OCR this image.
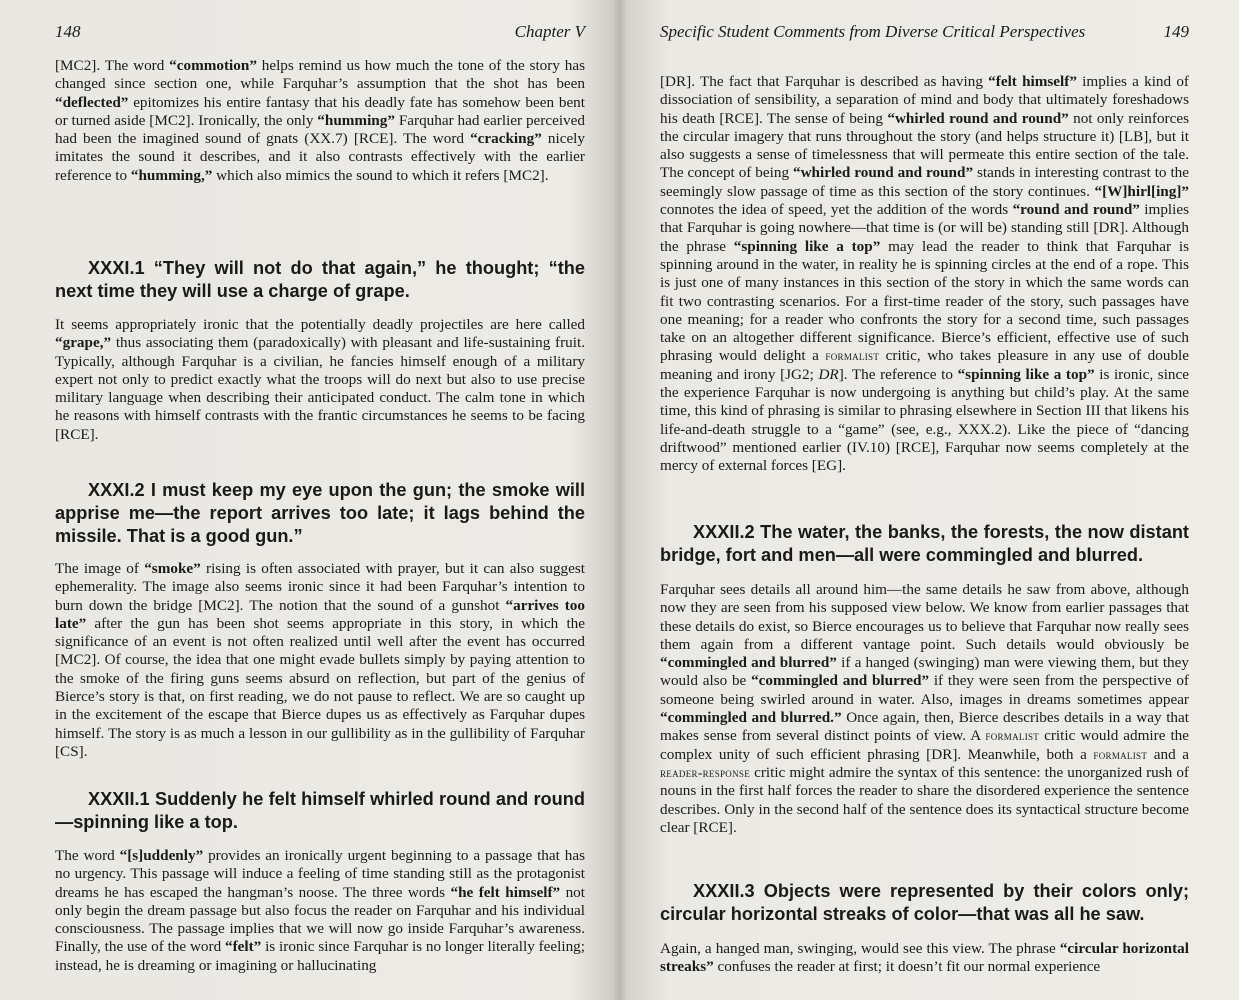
148	Chapter V

[MC2]. The word “commotion” helps remind us how much the tone of the story has changed since section one, while Farquhar’s assumption that the shot has been “deflected” epitomizes his entire fantasy that his deadly fate has somehow been bent or turned aside [MC2]. Ironically, the only “humming” Farquhar had earlier perceived had been the imagined sound of gnats (XX.7) [RCE]. The word “cracking” nicely imitates the sound it describes, and it also contrasts effectively with the earlier reference to “humming,” which also mimics the sound to which it refers [MC2].

XXXI.1 “They will not do that again,” he thought; “the next time they will use a charge of grape.

It seems appropriately ironic that the potentially deadly projectiles are here called “grape,” thus associating them (paradoxically) with pleasant and life-sustaining fruit. Typically, although Farquhar is a civilian, he fancies himself enough of a military expert not only to predict exactly what the troops will do next but also to use precise military language when describing their anticipated conduct. The calm tone in which he reasons with himself contrasts with the frantic circumstances he seems to be facing [RCE].

XXXI.2 I must keep my eye upon the gun; the smoke will apprise me—the report arrives too late; it lags behind the missile. That is a good gun.”

The image of “smoke” rising is often associated with prayer, but it can also suggest ephemerality. The image also seems ironic since it had been Farquhar’s intention to burn down the bridge [MC2]. The notion that the sound of a gunshot “arrives too late” after the gun has been shot seems appropriate in this story, in which the significance of an event is not often realized until well after the event has occurred [MC2]. Of course, the idea that one might evade bullets simply by paying attention to the smoke of the firing guns seems absurd on reflection, but part of the genius of Bierce’s story is that, on first reading, we do not pause to reflect. We are so caught up in the excitement of the escape that Bierce dupes us as effectively as Farquhar dupes himself. The story is as much a lesson in our gullibility as in the gullibility of Farquhar [CS].

XXXII.1 Suddenly he felt himself whirled round and round—spinning like a top.

The word “[s]uddenly” provides an ironically urgent beginning to a passage that has no urgency. This passage will induce a feeling of time standing still as the protagonist dreams he has escaped the hangman’s noose. The three words “he felt himself” not only begin the dream passage but also focus the reader on Farquhar and his individual consciousness. The passage implies that we will now go inside Farquhar’s awareness. Finally, the use of the word “felt” is ironic since Farquhar is no longer literally feeling; instead, he is dreaming or imagining or hallucinating

Specific Student Comments from Diverse Critical Perspectives	149

[DR]. The fact that Farquhar is described as having “felt himself” implies a kind of dissociation of sensibility, a separation of mind and body that ultimately foreshadows his death [RCE]. The sense of being “whirled round and round” not only reinforces the circular imagery that runs throughout the story (and helps structure it) [LB], but it also suggests a sense of timelessness that will permeate this entire section of the tale. The concept of being “whirled round and round” stands in interesting contrast to the seemingly slow passage of time as this section of the story continues. “[W]hirl[ing]” connotes the idea of speed, yet the addition of the words “round and round” implies that Farquhar is going nowhere—that time is (or will be) standing still [DR]. Although the phrase “spinning like a top” may lead the reader to think that Farquhar is spinning around in the water, in reality he is spinning circles at the end of a rope. This is just one of many instances in this section of the story in which the same words can fit two contrasting scenarios. For a first-time reader of the story, such passages have one meaning; for a reader who confronts the story for a second time, such passages take on an altogether different significance. Bierce’s efficient, effective use of such phrasing would delight a formalist critic, who takes pleasure in any use of double meaning and irony [JG2; DR]. The reference to “spinning like a top” is ironic, since the experience Farquhar is now undergoing is anything but child’s play. At the same time, this kind of phrasing is similar to phrasing elsewhere in Section III that likens his life-and-death struggle to a “game” (see, e.g., XXX.2). Like the piece of “dancing driftwood” mentioned earlier (IV.10) [RCE], Farquhar now seems completely at the mercy of external forces [EG].

XXXII.2 The water, the banks, the forests, the now distant bridge, fort and men—all were commingled and blurred.

Farquhar sees details all around him—the same details he saw from above, although now they are seen from his supposed view below. We know from earlier passages that these details do exist, so Bierce encourages us to believe that Farquhar now really sees them again from a different vantage point. Such details would obviously be “commingled and blurred” if a hanged (swinging) man were viewing them, but they would also be “commingled and blurred” if they were seen from the perspective of someone being swirled around in water. Also, images in dreams sometimes appear “commingled and blurred.” Once again, then, Bierce describes details in a way that makes sense from several distinct points of view. A formalist critic would admire the complex unity of such efficient phrasing [DR]. Meanwhile, both a formalist and a reader-response critic might admire the syntax of this sentence: the unorganized rush of nouns in the first half forces the reader to share the disordered experience the sentence describes. Only in the second half of the sentence does its syntactical structure become clear [RCE].

XXXII.3 Objects were represented by their colors only; circular horizontal streaks of color—that was all he saw.

Again, a hanged man, swinging, would see this view. The phrase “circular horizontal streaks” confuses the reader at first; it doesn’t fit our normal experience
